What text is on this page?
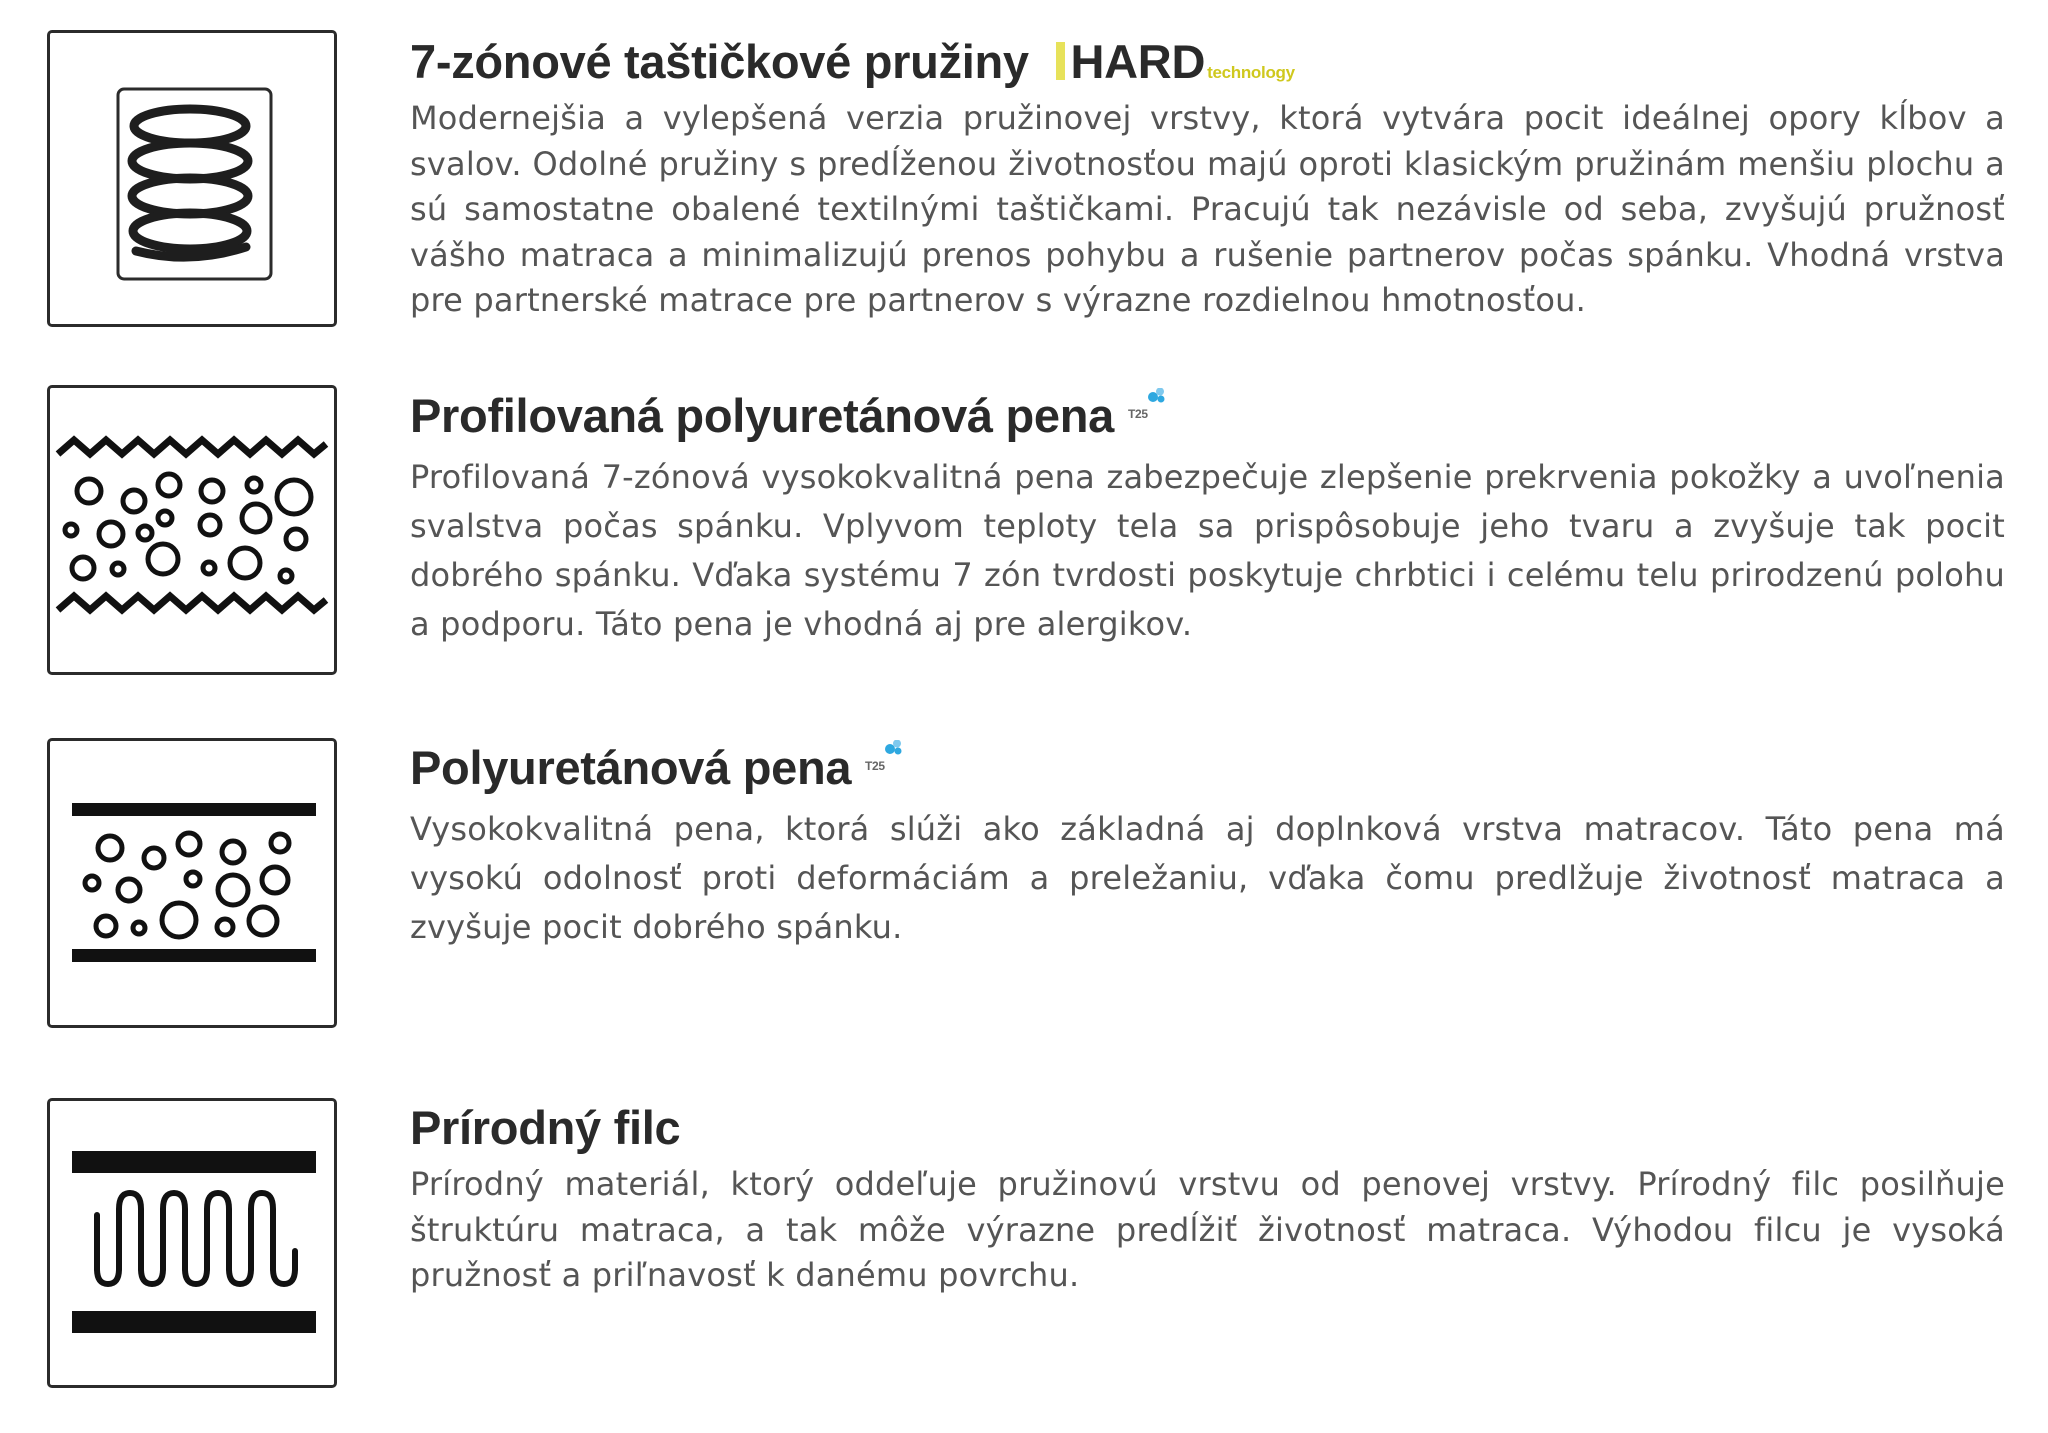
7-zónové taštičkové pružiny HARD technology
Modernejšia a vylepšená verzia pružinovej vrstvy, ktorá vytvára pocit ideálnej opory kĺbov a svalov. Odolné pružiny s predĺženou životnosťou majú oproti klasickým pružinám menšiu plochu a sú samostatne obalené textilnými taštičkami. Pracujú tak nezávisle od seba, zvyšujú pružnosť vášho matraca a minimalizujú prenos pohybu a rušenie partnerov počas spánku. Vhodná vrstva pre partnerské matrace pre partnerov s výrazne rozdielnou hmotnosťou.
Profilovaná polyuretánová pena T25
Profilovaná 7-zónová vysokokvalitná pena zabezpečuje zlepšenie prekrvenia pokožky a uvoľnenia svalstva počas spánku. Vplyvom teploty tela sa prispôsobuje jeho tvaru a zvyšuje tak pocit dobrého spánku. Vďaka systému 7 zón tvrdosti poskytuje chrbtici i celému telu prirodzenú polohu a podporu. Táto pena je vhodná aj pre alergikov.
Polyuretánová pena T25
Vysokokvalitná pena, ktorá slúži ako základná aj doplnková vrstva matracov. Táto pena má vysokú odolnosť proti deformáciám a preležaniu, vďaka čomu predlžuje životnosť matraca a zvyšuje pocit dobrého spánku.
Prírodný filc
Prírodný materiál, ktorý oddeľuje pružinovú vrstvu od penovej vrstvy. Prírodný filc posilňuje štruktúru matraca, a tak môže výrazne predĺžiť životnosť matraca. Výhodou filcu je vysoká pružnosť a priľnavosť k danému povrchu.
